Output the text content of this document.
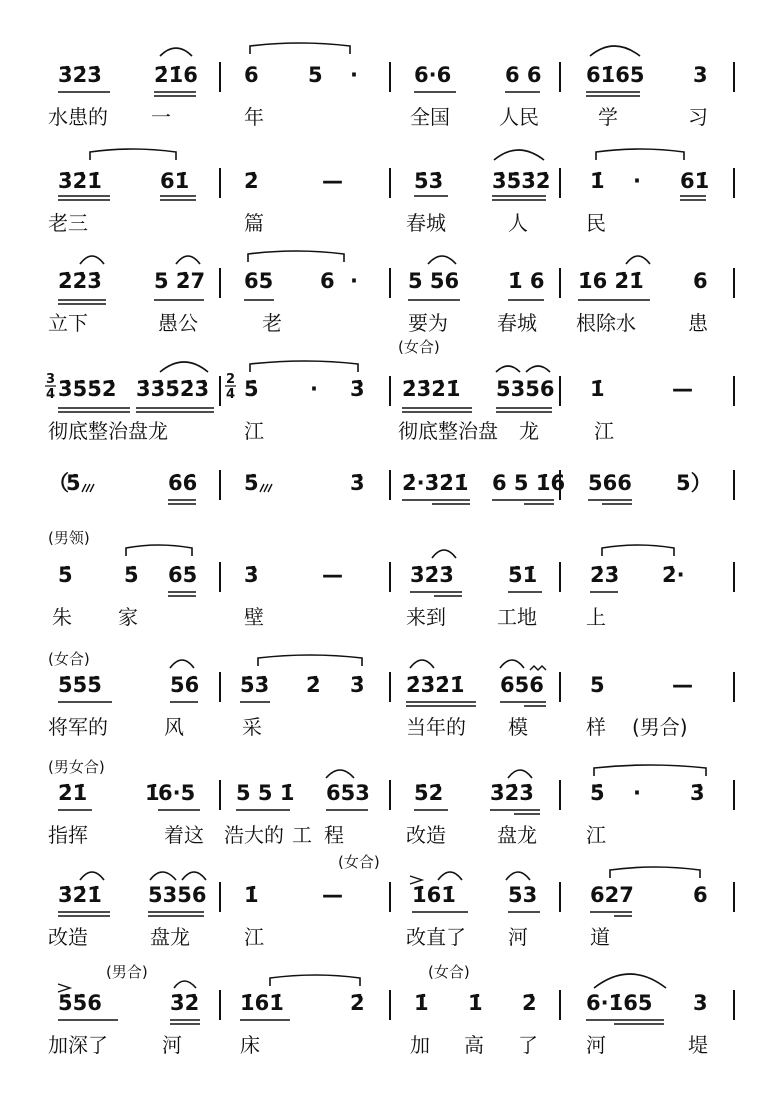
3̇2̇3̇ 2̇1̇6 6 5 ·	6·6	6 6 61̇65 3
水患的 一	年	全国 人民	学	习
3̇2̇1̇	61̇	2̇	—	5̇3̇ 3̇5̇3̇2̇ 1̇ · 61̇
老三	篇	春城	人	民
2̇2̇3̇ 5 2̇7 65 6 · 5 56 1̇ 6 1̇6 2̇1̇ 6
立下	愚公	老	要为 春城 根除水	患
3̇5̇5̇2̇ 3̇3̇5̇2̇3̇ 5̇ · 3̇ 2̇3̇2̇1̇ 5356 1̇	—
彻底整治盘龙	江	彻底整治盘 龙	江
(女合)
（
5̇	6̇6̇ 5̇	3̇ 2̇·3̇2̇1̇ 6 5 1̇6 566 5）
5̇ 5̇ 6̇5̇ 3̇	—	3̇2̇3̇	5̇1̇	2̇3̇ 2̇·
朱 家	壁	来到	工地 上
(男领)
5̇5̇5̇	56̇ 5̇3̇ 2̇ 3̇ 2̇3̇2̇1̇ 656 5	—
将军的	风	采	当年的 模	样 (男合)
(女合)
2̇1̇	1̇
6·5 5 5 1̇ 653 5̇2̇ 3̇2̇3̇	5̇ · 3̇
指挥	着这 浩大的 工 程	改造	盘龙 江
(男女合)
3̇2̇1̇ 5356 1̇	—	1̇61̇ 53	627	6
改造	盘龙	江	改直了 河	道
(女合)
5̇5̇6	3̇2̇ 1̇61̇	2̇ 1̇ 1̇ 2̇ 6·1̇65 3
加深了	河	床	加 高 了 河	堤
(男合)	(女合)
3
4
2
4
